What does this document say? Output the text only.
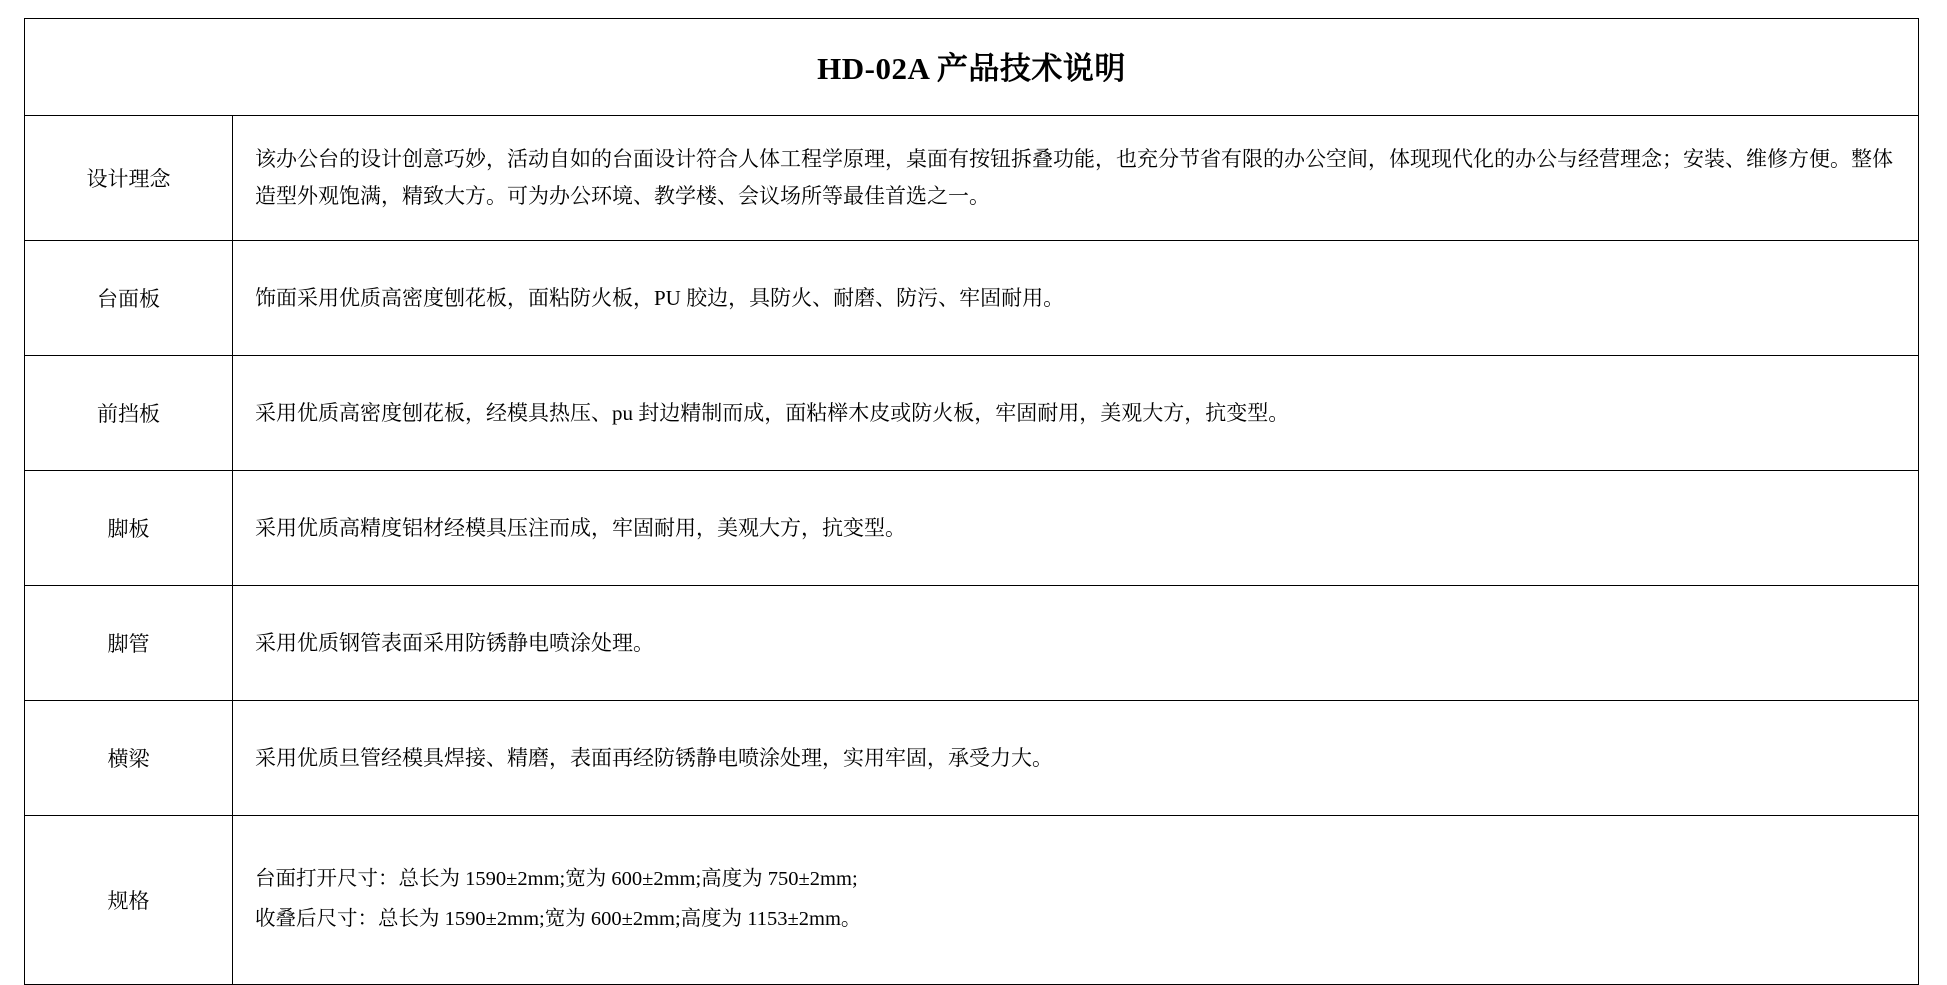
HD-02A 产品技术说明	
设计理念	该办公台的设计创意巧妙，活动自如的台面设计符合人体工程学原理，桌面有按钮拆叠功能，也充分节省有限的办公空间，体现现代化的办公与经营理念；安装、维修方便。整体造型外观饱满，精致大方。可为办公环境、教学楼、会议场所等最佳首选之一。
台面板	饰面采用优质高密度刨花板，面粘防火板，PU 胶边，具防火、耐磨、防污、牢固耐用。
前挡板	采用优质高密度刨花板，经模具热压、pu 封边精制而成，面粘榉木皮或防火板，牢固耐用，美观大方，抗变型。
脚板	采用优质高精度铝材经模具压注而成，牢固耐用，美观大方，抗变型。
脚管	采用优质钢管表面采用防锈静电喷涂处理。
横梁	采用优质旦管经模具焊接、精磨，表面再经防锈静电喷涂处理，实用牢固，承受力大。
规格	台面打开尺寸：总长为 1590±2mm;宽为 600±2mm;高度为 750±2mm;

收叠后尺寸：总长为 1590±2mm;宽为 600±2mm;高度为 1153±2mm。
